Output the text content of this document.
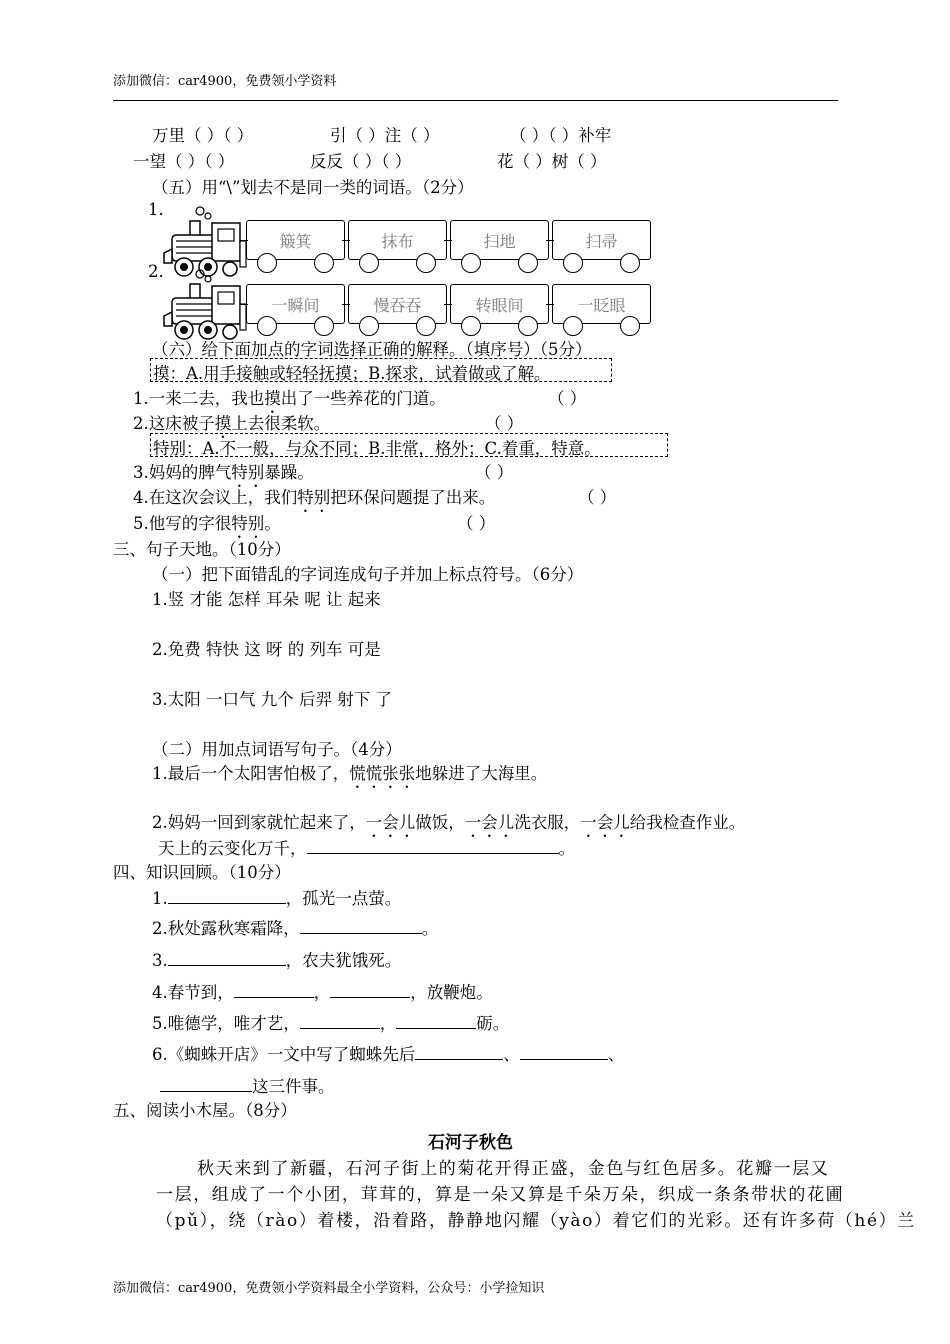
添加微信：car4900，免费领小学资料
添加微信：car4900，免费领小学资料最全小学资料，公众号：小学捡知识
万里（ ）（ ）	引（ ）注（ ）	（ ）（ ）补牢
一望（ ）（ ）	反反（ ）（ ）	花（ ）树（ ）
（五）用“\”划去不是同一类的词语。（2分）
1.
2.
簸箕	抹布	扫地	扫帚
一瞬间	慢吞吞	转眼间	一眨眼
（六）给下面加点的字词选择正确的解释。（填序号）（5分）
摸：A.用手接触或轻轻抚摸；B.探求，试着做或了解。
1.一来二去，我也摸出了一些养花的门道。	（ ）
2.这床被子摸上去很柔软。	（ ）
特别：A.不一般，与众不同；B.非常，格外；C.着重，特意。
3.妈妈的脾气特别暴躁。	（ ）
4.在这次会议上，我们特别把环保问题提了出来。	（ ）
5.他写的字很特别。	（ ）
三、句子天地。（10分）
（一）把下面错乱的字词连成句子并加上标点符号。（6分）
1.竖 才能 怎样 耳朵 呢 让 起来
2.免费 特快 这 呀 的 列车 可是
3.太阳 一口气 九个 后羿 射下 了
（二）用加点词语写句子。（4分）
1.最后一个太阳害怕极了，慌慌张张地躲进了大海里。
2.妈妈一回到家就忙起来了，一会儿做饭，一会儿洗衣服，一会儿给我检查作业。
天上的云变化万千，	。
四、知识回顾。（10分）
1.	，孤光一点萤。
2.秋处露秋寒霜降，	。
3.	，农夫犹饿死。
4.春节到，	，	，放鞭炮。
5.唯德学，唯才艺，	，	砺。
6.《蜘蛛开店》一文中写了蜘蛛先后	、	、
这三件事。
五、阅读小木屋。（8分）
石河子秋色
秋天来到了新疆，石河子街上的菊花开得正盛，金色与红色居多。花瓣一层又
一层，组成了一个小团，茸茸的，算是一朵又算是千朵万朵，织成一条条带状的花圃
（pǔ），绕（rào）着楼，沿着路，静静地闪耀（yào）着它们的光彩。还有许多荷（hé）兰
